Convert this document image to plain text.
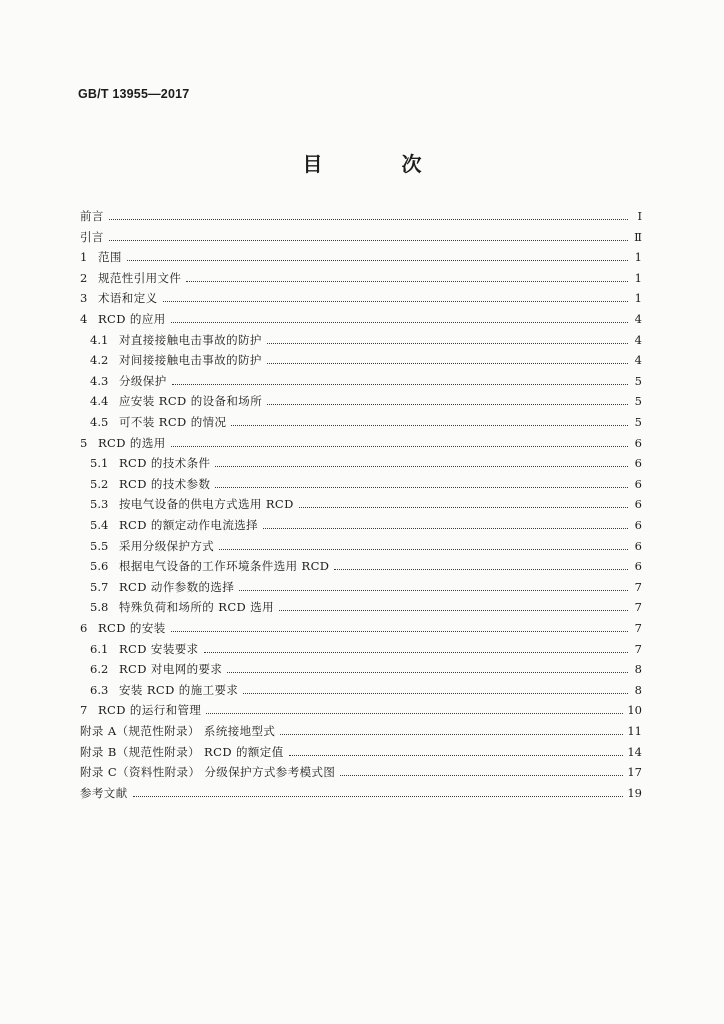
GB/T 13955—2017
目 次
前言	Ⅰ
引言	Ⅱ
1 范围	1
2 规范性引用文件	1
3 术语和定义	1
4 RCD 的应用	4
4.1 对直接接触电击事故的防护	4
4.2 对间接接触电击事故的防护	4
4.3 分级保护	5
4.4 应安装 RCD 的设备和场所	5
4.5 可不装 RCD 的情况	5
5 RCD 的选用	6
5.1 RCD 的技术条件	6
5.2 RCD 的技术参数	6
5.3 按电气设备的供电方式选用 RCD	6
5.4 RCD 的额定动作电流选择	6
5.5 采用分级保护方式	6
5.6 根据电气设备的工作环境条件选用 RCD	6
5.7 RCD 动作参数的选择	7
5.8 特殊负荷和场所的 RCD 选用	7
6 RCD 的安装	7
6.1 RCD 安装要求	7
6.2 RCD 对电网的要求	8
6.3 安装 RCD 的施工要求	8
7 RCD 的运行和管理	10
附录 A（规范性附录） 系统接地型式	11
附录 B（规范性附录） RCD 的额定值	14
附录 C（资料性附录） 分级保护方式参考模式图	17
参考文献	19
